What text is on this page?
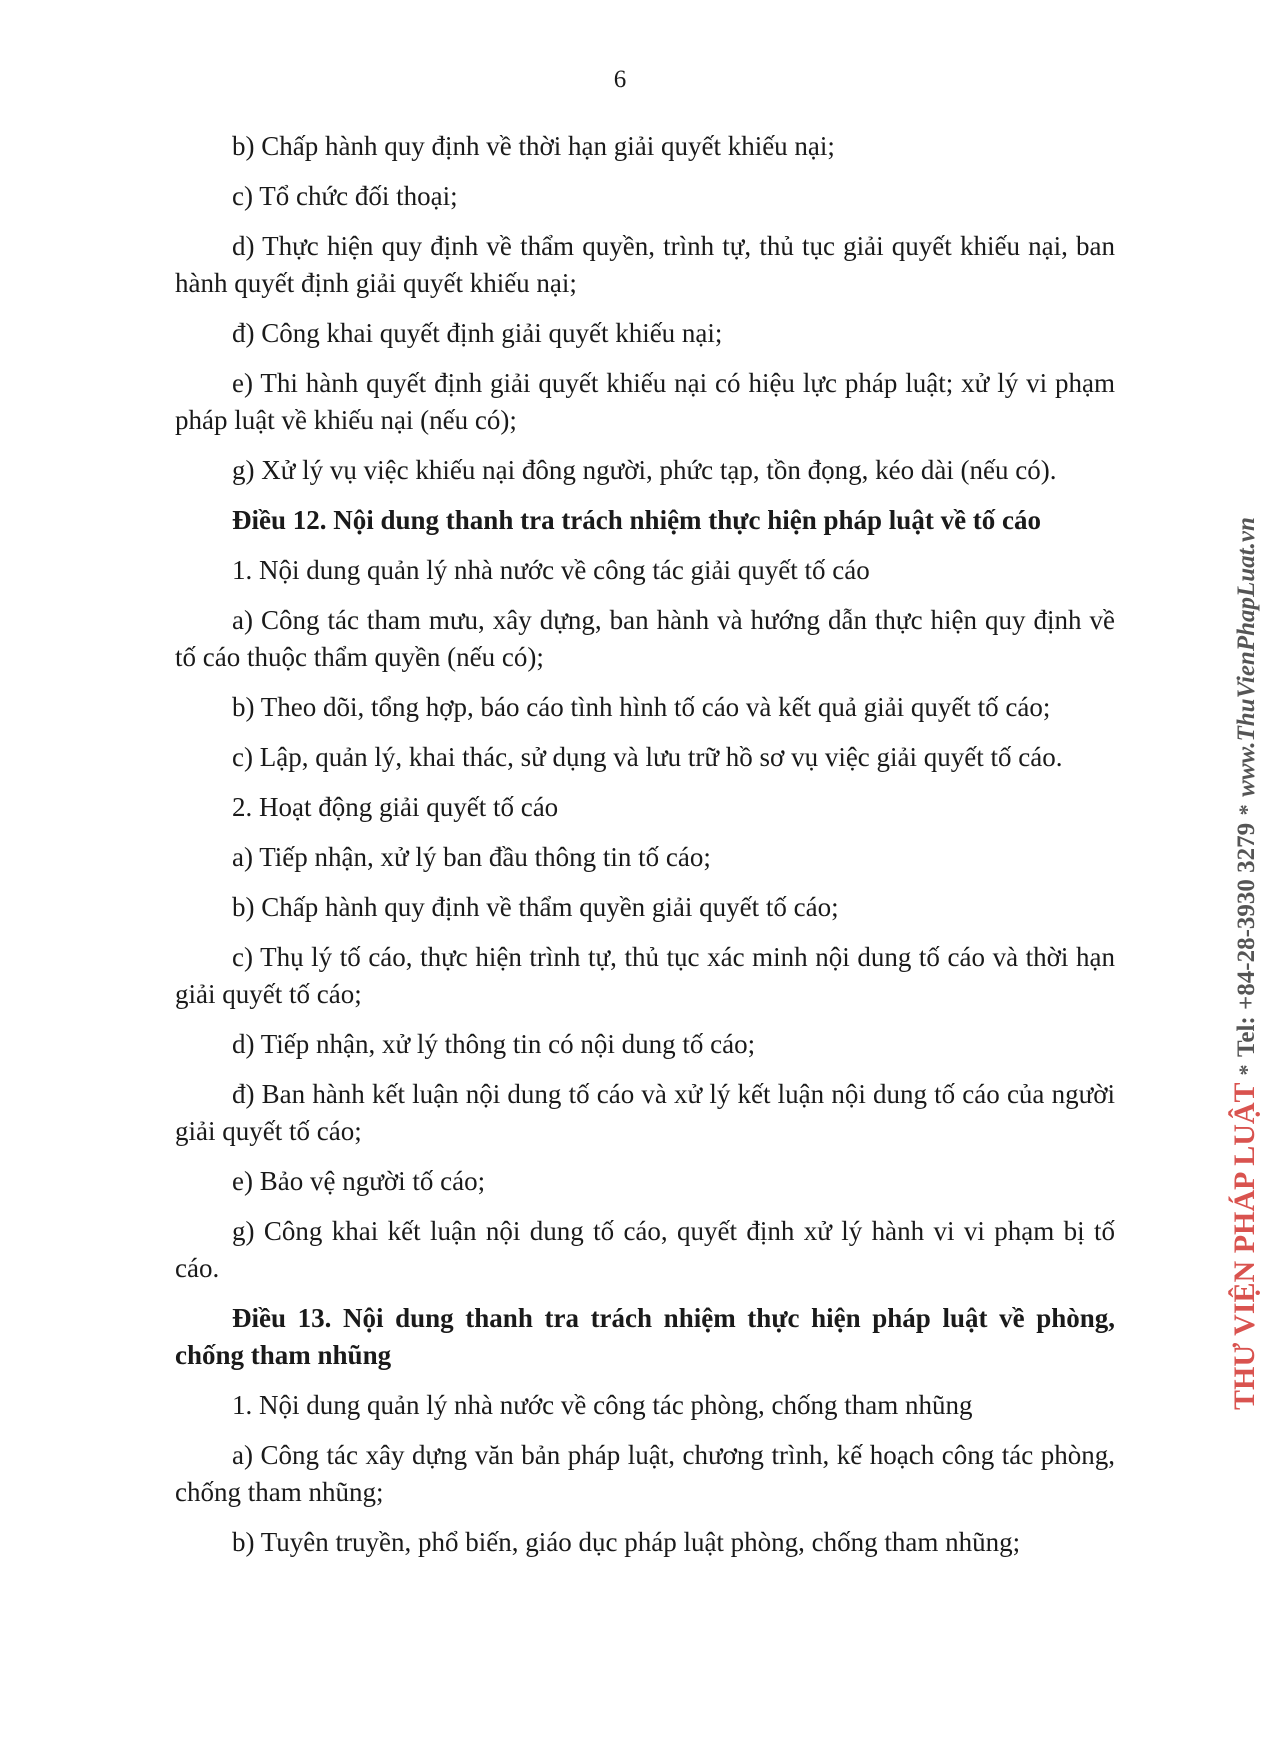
6

b) Chấp hành quy định về thời hạn giải quyết khiếu nại;

c) Tổ chức đối thoại;

d) Thực hiện quy định về thẩm quyền, trình tự, thủ tục giải quyết khiếu nại, ban hành quyết định giải quyết khiếu nại;

đ) Công khai quyết định giải quyết khiếu nại;

e) Thi hành quyết định giải quyết khiếu nại có hiệu lực pháp luật; xử lý vi phạm pháp luật về khiếu nại (nếu có);

g) Xử lý vụ việc khiếu nại đông người, phức tạp, tồn đọng, kéo dài (nếu có).

Điều 12. Nội dung thanh tra trách nhiệm thực hiện pháp luật về tố cáo

1. Nội dung quản lý nhà nước về công tác giải quyết tố cáo

a) Công tác tham mưu, xây dựng, ban hành và hướng dẫn thực hiện quy định về tố cáo thuộc thẩm quyền (nếu có);

b) Theo dõi, tổng hợp, báo cáo tình hình tố cáo và kết quả giải quyết tố cáo;

c) Lập, quản lý, khai thác, sử dụng và lưu trữ hồ sơ vụ việc giải quyết tố cáo.

2. Hoạt động giải quyết tố cáo

a) Tiếp nhận, xử lý ban đầu thông tin tố cáo;

b) Chấp hành quy định về thẩm quyền giải quyết tố cáo;

c) Thụ lý tố cáo, thực hiện trình tự, thủ tục xác minh nội dung tố cáo và thời hạn giải quyết tố cáo;

d) Tiếp nhận, xử lý thông tin có nội dung tố cáo;

đ) Ban hành kết luận nội dung tố cáo và xử lý kết luận nội dung tố cáo của người giải quyết tố cáo;

e) Bảo vệ người tố cáo;

g) Công khai kết luận nội dung tố cáo, quyết định xử lý hành vi vi phạm bị tố cáo.

Điều 13. Nội dung thanh tra trách nhiệm thực hiện pháp luật về phòng, chống tham nhũng

1. Nội dung quản lý nhà nước về công tác phòng, chống tham nhũng

a) Công tác xây dựng văn bản pháp luật, chương trình, kế hoạch công tác phòng, chống tham nhũng;

b) Tuyên truyền, phổ biến, giáo dục pháp luật phòng, chống tham nhũng;

THƯ VIỆN PHÁP LUẬT * Tel: +84-28-3930 3279 * www.ThuVienPhapLuat.vn
